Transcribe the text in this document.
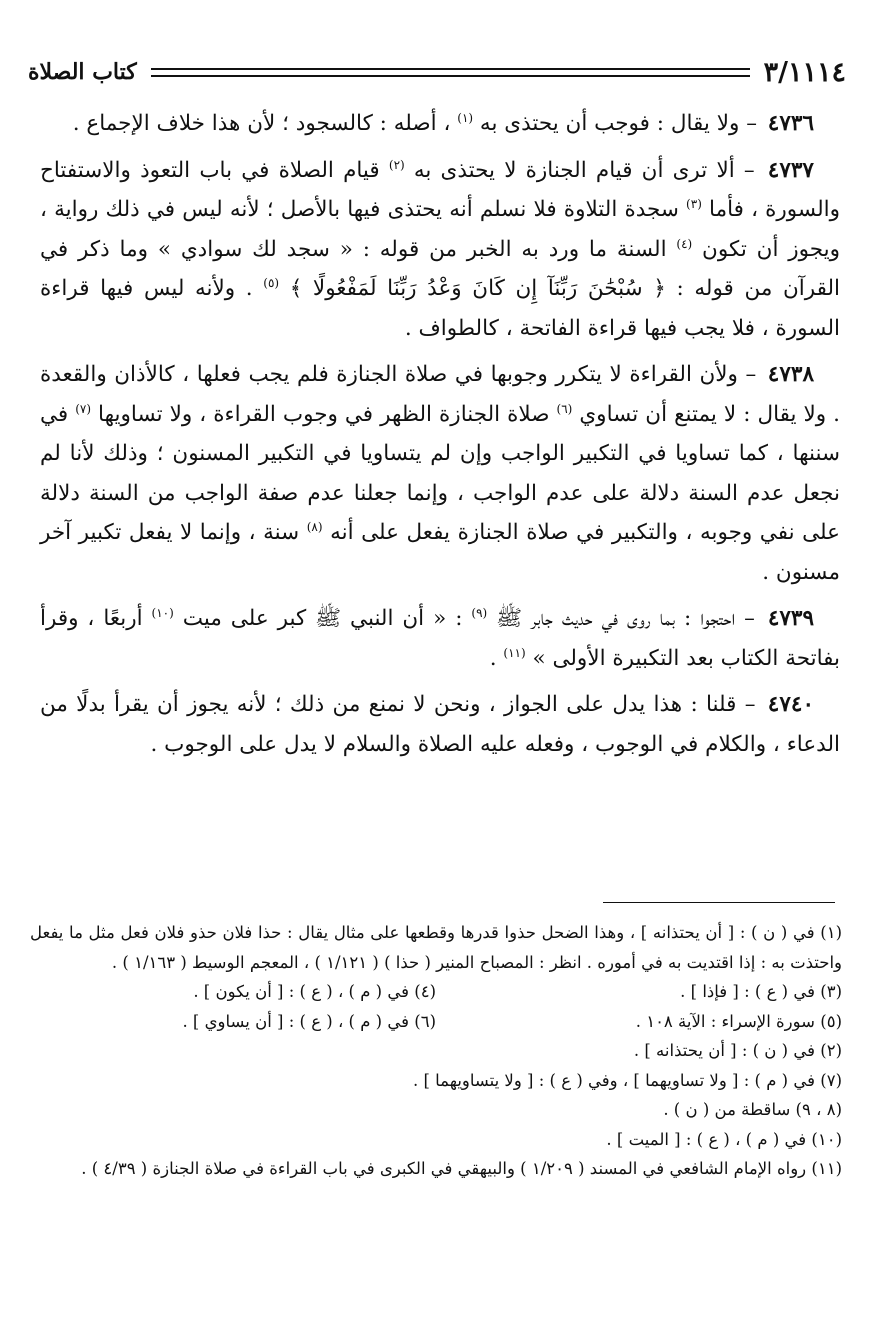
٣/١١١٤
كتاب الصلاة

٤٧٣٦ – ولا يقال : فوجب أن يحتذى به $^{(١)}$ ، أصله : كالسجود ؛ لأن هذا خلاف الإجماع .

٤٧٣٧ – ألا ترى أن قيام الجنازة لا يحتذى به $^{(٢)}$ قيام الصلاة في باب التعوذ والاستفتاح والسورة ، فأما $^{(٣)}$ سجدة التلاوة فلا نسلم أنه يحتذى فيها بالأصل ؛ لأنه ليس في ذلك رواية ، ويجوز أن تكون $^{(٤)}$ السنة ما ورد به الخبر من قوله : « سجد لك سوادي » وما ذكر في القرآن من قوله : ﴿ سُبْحَٰنَ رَبِّنَآ إِن كَانَ وَعْدُ رَبِّنَا لَمَفْعُولًا ﴾ $^{(٥)}$ . ولأنه ليس فيها قراءة السورة ، فلا يجب فيها قراءة الفاتحة ، كالطواف .

٤٧٣٨ – ولأن القراءة لا يتكرر وجوبها في صلاة الجنازة فلم يجب فعلها ، كالأذان والقعدة . ولا يقال : لا يمتنع أن تساوي $^{(٦)}$ صلاة الجنازة الظهر في وجوب القراءة ، ولا تساويها $^{(٧)}$ في سننها ، كما تساويا في التكبير الواجب وإن لم يتساويا في التكبير المسنون ؛ وذلك لأنا لم نجعل عدم السنة دلالة على عدم الواجب ، وإنما جعلنا عدم صفة الواجب من السنة دلالة على نفي وجوبه ، والتكبير في صلاة الجنازة يفعل على أنه $^{(٨)}$ سنة ، وإنما لا يفعل تكبير آخر مسنون .

٤٧٣٩ – احتجوا : بما روى في حديث جابر ﷺ $^{(٩)}$ : « أن النبي ﷺ كبر على ميت $^{(١٠)}$ أربعًا ، وقرأ بفاتحة الكتاب بعد التكبيرة الأولى » $^{(١١)}$ .

٤٧٤٠ – قلنا : هذا يدل على الجواز ، ونحن لا نمنع من ذلك ؛ لأنه يجوز أن يقرأ بدلًا من الدعاء ، والكلام في الوجوب ، وفعله عليه الصلاة والسلام لا يدل على الوجوب .

(١) في ( ن ) : [ أن يحتذانه ] ، وهذا الضحل حذوا قدرها وقطعها على مثال يقال : حذا فلان حذو فلان فعل مثل ما يفعل واحتذت به : إذا اقتديت به في أموره . انظر : المصباح المنير ( حذا ) ( ١/١٢١ ) ، المعجم الوسيط ( ١/١٦٣ ) .
(٣) في ( ع ) : [ فإذا ] .
(٤) في ( م ) ، ( ع ) : [ أن يكون ] .
(٥) سورة الإسراء : الآية ١٠٨ .
(٦) في ( م ) ، ( ع ) : [ أن يساوي ] .
(٢) في ( ن ) : [ أن يحتذانه ] .
(٧) في ( م ) : [ ولا تساويهما ] ، وفي ( ع ) : [ ولا يتساويهما ] .
(٨ ، ٩) ساقطة من ( ن ) .
(١٠) في ( م ) ، ( ع ) : [ الميت ] .
(١١) رواه الإمام الشافعي في المسند ( ١/٢٠٩ ) والبيهقي في الكبرى في باب القراءة في صلاة الجنازة ( ٤/٣٩ ) .
